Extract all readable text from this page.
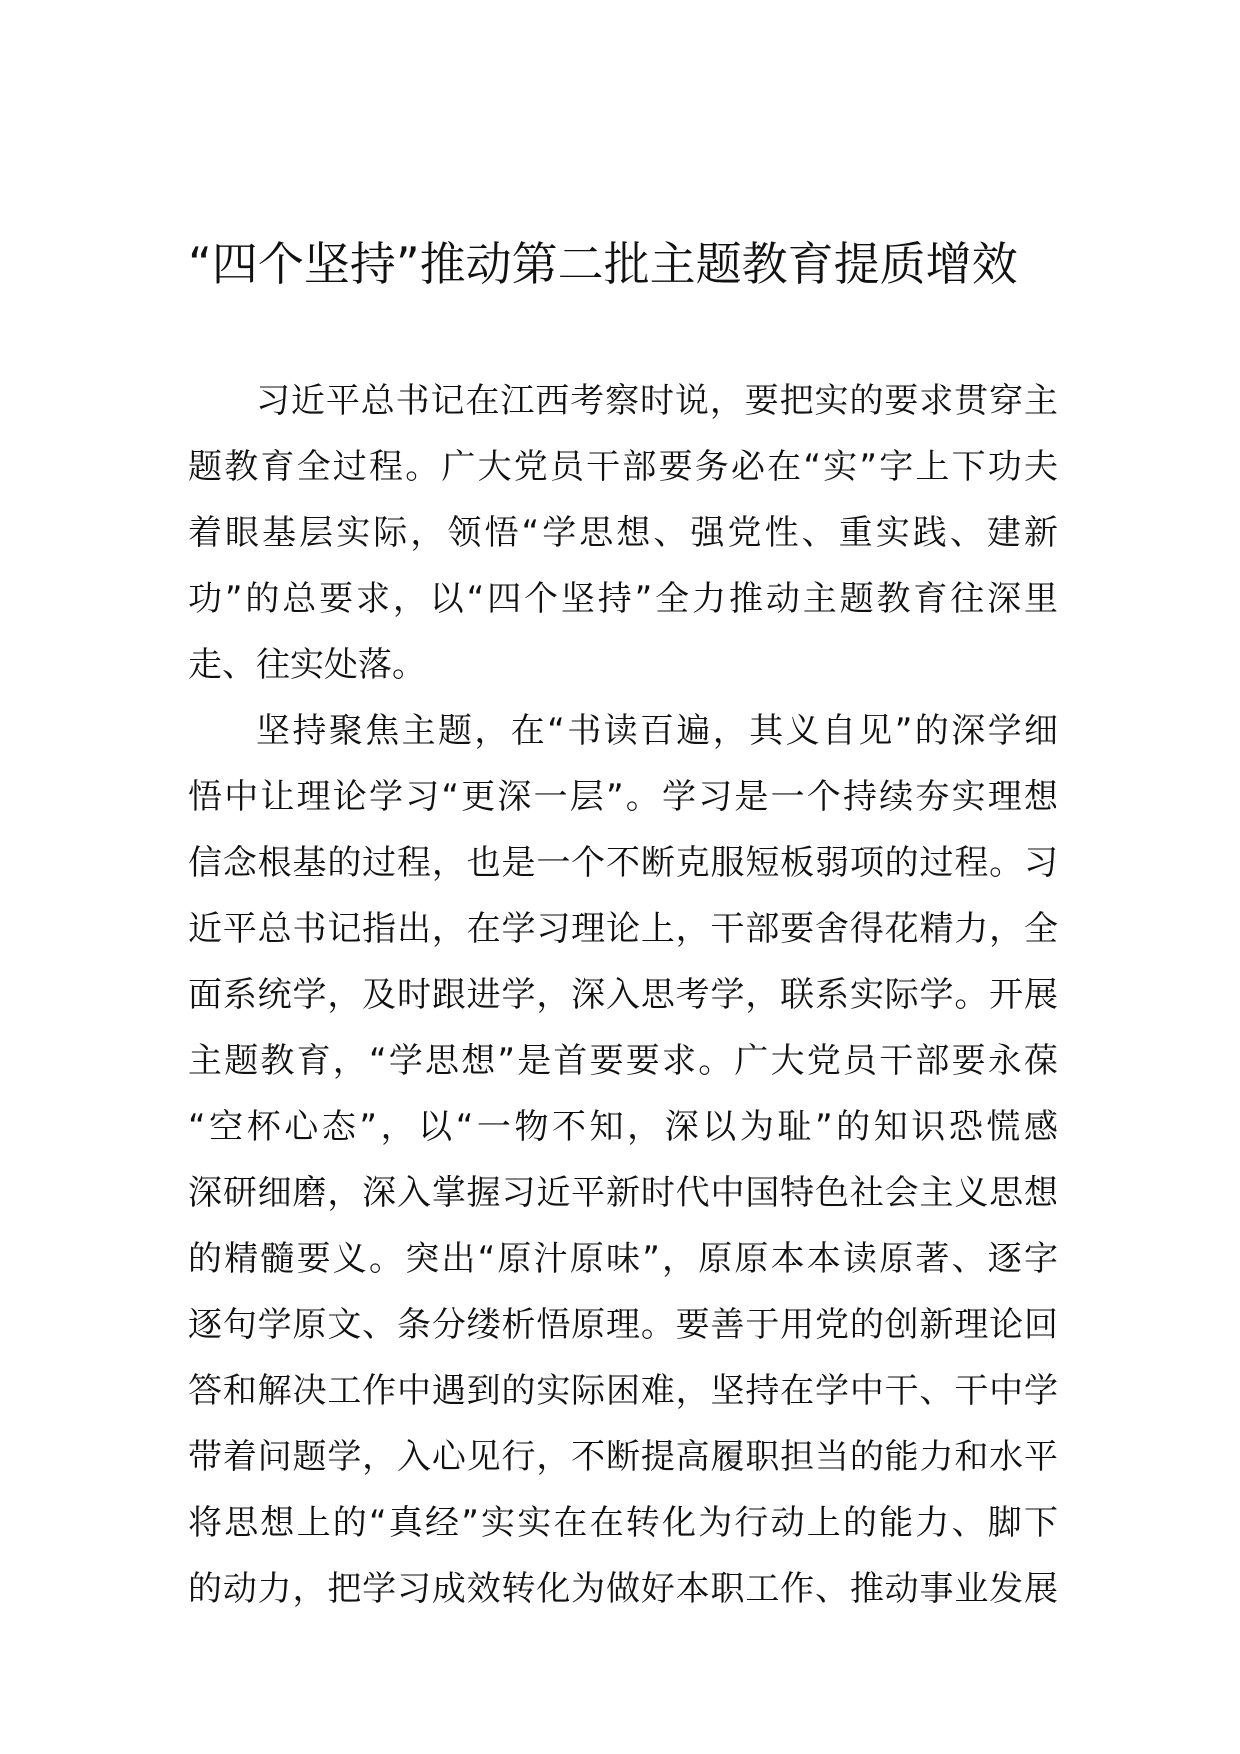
“四个坚持”推动第二批主题教育提质增效
习近平总书记在江西考察时说，要把实的要求贯穿主
题教育全过程。广大党员干部要务必在“实”字上下功夫
着眼基层实际，领悟“学思想、强党性、重实践、建新
功”的总要求，以“四个坚持”全力推动主题教育往深里
走、往实处落。
坚持聚焦主题，在“书读百遍，其义自见”的深学细
悟中让理论学习“更深一层”。学习是一个持续夯实理想
信念根基的过程，也是一个不断克服短板弱项的过程。习
近平总书记指出，在学习理论上，干部要舍得花精力，全
面系统学，及时跟进学，深入思考学，联系实际学。开展
主题教育，“学思想”是首要要求。广大党员干部要永葆
“空杯心态”，以“一物不知，深以为耻”的知识恐慌感
深研细磨，深入掌握习近平新时代中国特色社会主义思想
的精髓要义。突出“原汁原味”，原原本本读原著、逐字
逐句学原文、条分缕析悟原理。要善于用党的创新理论回
答和解决工作中遇到的实际困难，坚持在学中干、干中学
带着问题学，入心见行，不断提高履职担当的能力和水平
将思想上的“真经”实实在在转化为行动上的能力、脚下
的动力，把学习成效转化为做好本职工作、推动事业发展
